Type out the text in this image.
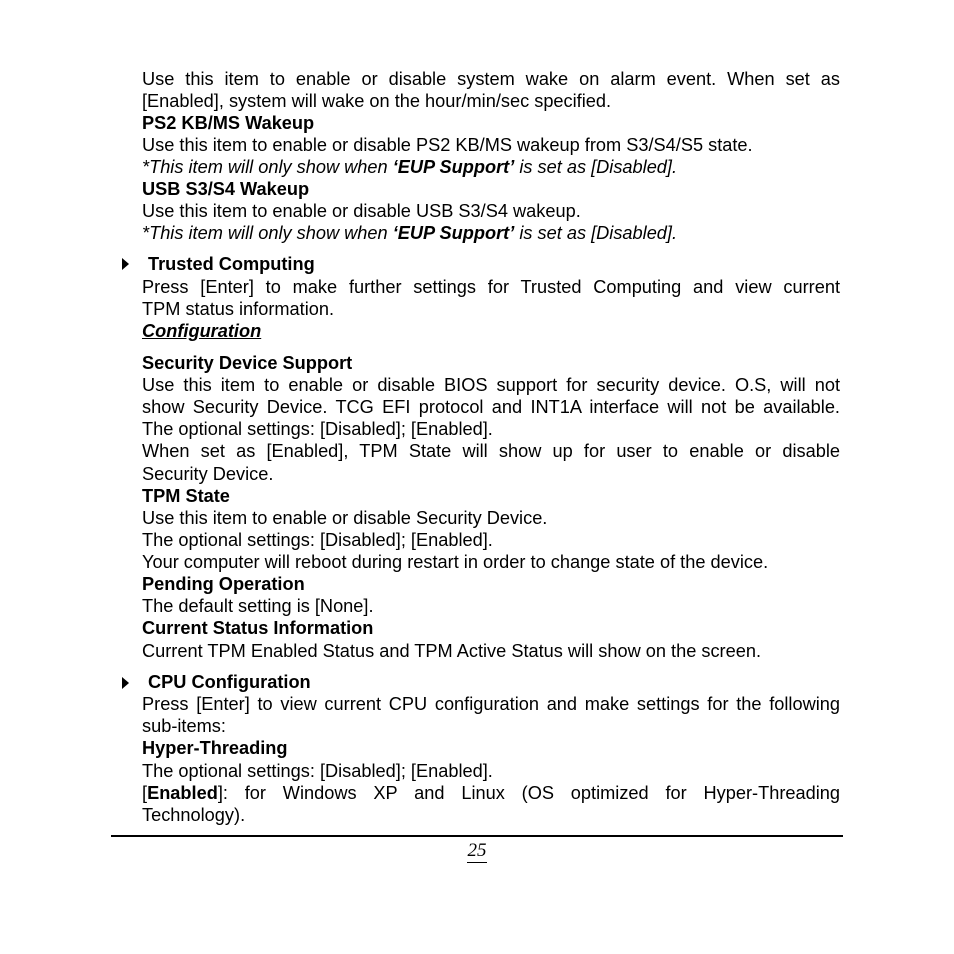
Use this item to enable or disable system wake on alarm event. When set as
[Enabled], system will wake on the hour/min/sec specified.
PS2 KB/MS Wakeup
Use this item to enable or disable PS2 KB/MS wakeup from S3/S4/S5 state.
*This item will only show when ‘EUP Support’ is set as [Disabled].
USB S3/S4 Wakeup
Use this item to enable or disable USB S3/S4 wakeup.
*This item will only show when ‘EUP Support’ is set as [Disabled].
Trusted Computing
Press [Enter] to make further settings for Trusted Computing and view current
TPM status information.
Configuration
Security Device Support
Use this item to enable or disable BIOS support for security device. O.S, will not
show Security Device. TCG EFI protocol and INT1A interface will not be available.
The optional settings: [Disabled]; [Enabled].
When set as [Enabled], TPM State will show up for user to enable or disable
Security Device.
TPM State
Use this item to enable or disable Security Device.
The optional settings: [Disabled]; [Enabled].
Your computer will reboot during restart in order to change state of the device.
Pending Operation
The default setting is [None].
Current Status Information
Current TPM Enabled Status and TPM Active Status will show on the screen.
CPU Configuration
Press [Enter] to view current CPU configuration and make settings for the following
sub-items:
Hyper-Threading
The optional settings: [Disabled]; [Enabled].
[Enabled]: for Windows XP and Linux (OS optimized for Hyper-Threading
Technology).
25
